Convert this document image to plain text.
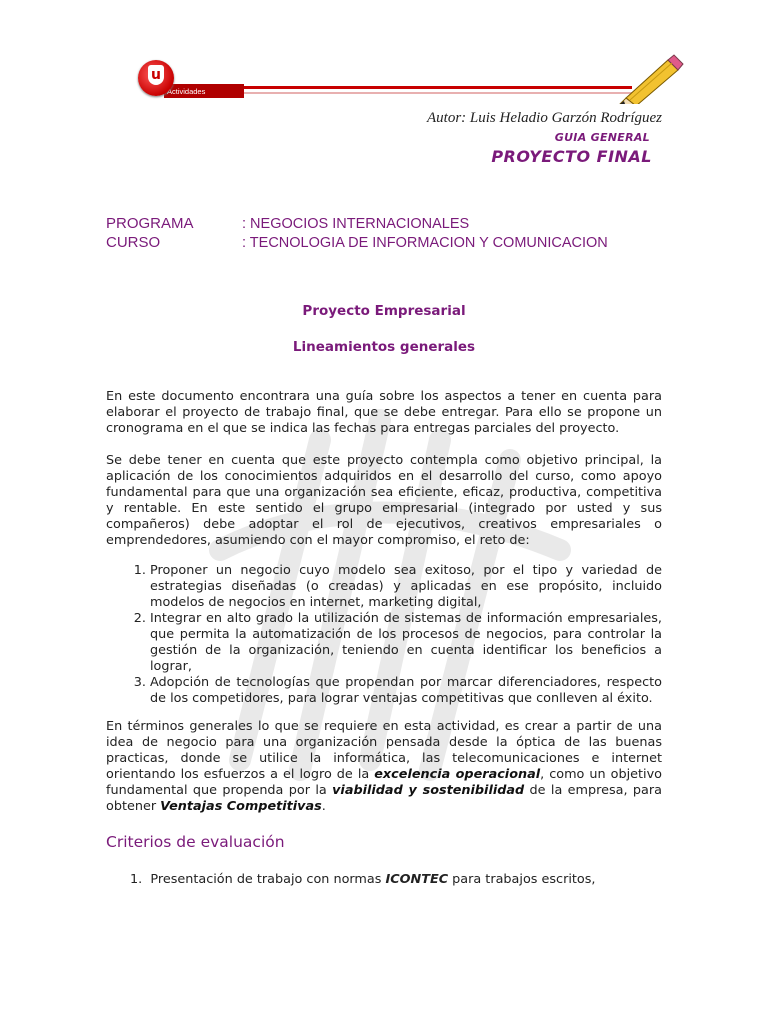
Actividades
u
Autor: Luis Heladio Garzón Rodríguez
GUIA GENERAL
PROYECTO FINAL
PROGRAMA	: NEGOCIOS INTERNACIONALES
CURSO	: TECNOLOGIA DE INFORMACION Y COMUNICACION
Proyecto Empresarial
Lineamientos generales
En este documento encontrara una guía sobre los aspectos a tener en cuenta para elaborar el proyecto de trabajo final, que se debe entregar. Para ello se propone un cronograma en el que se indica las fechas para entregas parciales del proyecto.
Se debe tener en cuenta que este proyecto contempla como objetivo principal, la aplicación de los conocimientos adquiridos en el desarrollo del curso, como apoyo fundamental para que una organización sea eficiente, eficaz, productiva, competitiva y rentable. En este sentido el grupo empresarial (integrado por usted y sus compañeros) debe adoptar el rol de ejecutivos, creativos empresariales o emprendedores, asumiendo con el mayor compromiso, el reto de:
1. Proponer un negocio cuyo modelo sea exitoso, por el tipo y variedad de estrategias diseñadas (o creadas) y aplicadas en ese propósito, incluido modelos de negocios en internet, marketing digital,
2. Integrar en alto grado la utilización de sistemas de información empresariales, que permita la automatización de los procesos de negocios, para controlar la gestión de la organización, teniendo en cuenta identificar los beneficios a lograr,
3. Adopción de tecnologías que propendan por marcar diferenciadores, respecto de los competidores, para lograr ventajas competitivas que conlleven al éxito.
En términos generales lo que se requiere en esta actividad, es crear a partir de una idea de negocio para una organización pensada desde la óptica de las buenas practicas, donde se utilice la informática, las telecomunicaciones e internet orientando los esfuerzos a el logro de la excelencia operacional, como un objetivo fundamental que propenda por la viabilidad y sostenibilidad de la empresa, para obtener Ventajas Competitivas.
Criterios de evaluación
1. Presentación de trabajo con normas ICONTEC para trabajos escritos,
